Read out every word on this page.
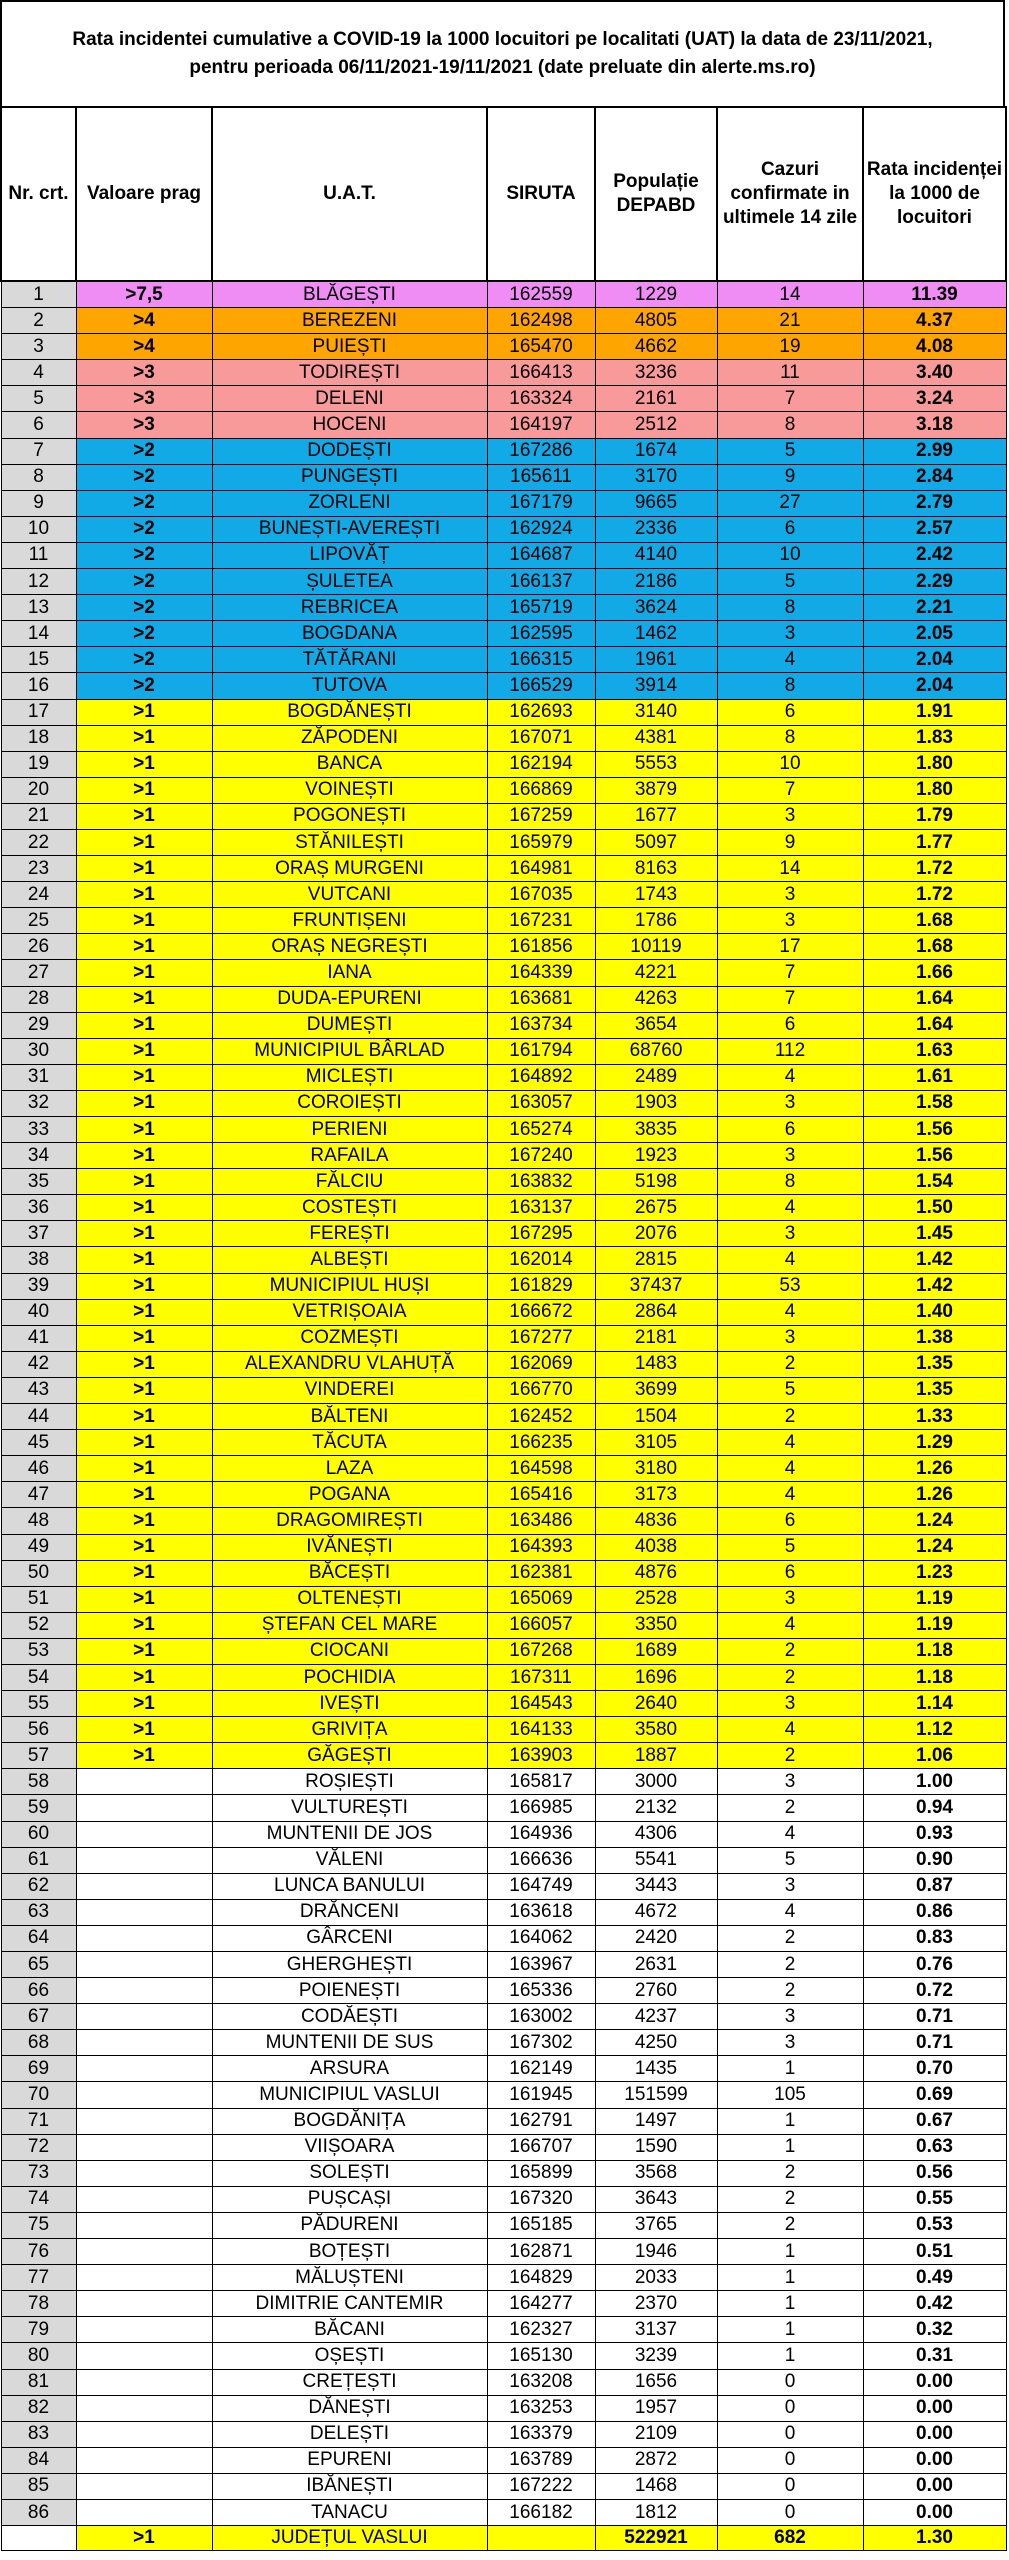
Rata incidentei cumulative a COVID-19 la 1000 locuitori pe localitati (UAT) la data de 23/11/2021,
pentru perioada 06/11/2021-19/11/2021 (date preluate din alerte.ms.ro)
Nr. crt.	Valoare prag	U.A.T.	SIRUTA	Populație DEPABD	Cazuri confirmate in ultimele 14 zile	Rata incidenței la 1000 de locuitori
1	>7,5	BLĂGEȘTI	162559	1229	14	11.39
2	>4	BEREZENI	162498	4805	21	4.37
3	>4	PUIEȘTI	165470	4662	19	4.08
4	>3	TODIREȘTI	166413	3236	11	3.40
5	>3	DELENI	163324	2161	7	3.24
6	>3	HOCENI	164197	2512	8	3.18
7	>2	DODEȘTI	167286	1674	5	2.99
8	>2	PUNGEȘTI	165611	3170	9	2.84
9	>2	ZORLENI	167179	9665	27	2.79
10	>2	BUNEȘTI-AVEREȘTI	162924	2336	6	2.57
11	>2	LIPOVĂȚ	164687	4140	10	2.42
12	>2	ȘULETEA	166137	2186	5	2.29
13	>2	REBRICEA	165719	3624	8	2.21
14	>2	BOGDANA	162595	1462	3	2.05
15	>2	TĂTĂRANI	166315	1961	4	2.04
16	>2	TUTOVA	166529	3914	8	2.04
17	>1	BOGDĂNEȘTI	162693	3140	6	1.91
18	>1	ZĂPODENI	167071	4381	8	1.83
19	>1	BANCA	162194	5553	10	1.80
20	>1	VOINEȘTI	166869	3879	7	1.80
21	>1	POGONEȘTI	167259	1677	3	1.79
22	>1	STĂNILEȘTI	165979	5097	9	1.77
23	>1	ORAȘ MURGENI	164981	8163	14	1.72
24	>1	VUTCANI	167035	1743	3	1.72
25	>1	FRUNTIȘENI	167231	1786	3	1.68
26	>1	ORAȘ NEGREȘTI	161856	10119	17	1.68
27	>1	IANA	164339	4221	7	1.66
28	>1	DUDA-EPURENI	163681	4263	7	1.64
29	>1	DUMEȘTI	163734	3654	6	1.64
30	>1	MUNICIPIUL BÂRLAD	161794	68760	112	1.63
31	>1	MICLEȘTI	164892	2489	4	1.61
32	>1	COROIEȘTI	163057	1903	3	1.58
33	>1	PERIENI	165274	3835	6	1.56
34	>1	RAFAILA	167240	1923	3	1.56
35	>1	FĂLCIU	163832	5198	8	1.54
36	>1	COSTEȘTI	163137	2675	4	1.50
37	>1	FEREȘTI	167295	2076	3	1.45
38	>1	ALBEȘTI	162014	2815	4	1.42
39	>1	MUNICIPIUL HUȘI	161829	37437	53	1.42
40	>1	VETRIȘOAIA	166672	2864	4	1.40
41	>1	COZMEȘTI	167277	2181	3	1.38
42	>1	ALEXANDRU VLAHUȚĂ	162069	1483	2	1.35
43	>1	VINDEREI	166770	3699	5	1.35
44	>1	BĂLTENI	162452	1504	2	1.33
45	>1	TĂCUTA	166235	3105	4	1.29
46	>1	LAZA	164598	3180	4	1.26
47	>1	POGANA	165416	3173	4	1.26
48	>1	DRAGOMIREȘTI	163486	4836	6	1.24
49	>1	IVĂNEȘTI	164393	4038	5	1.24
50	>1	BĂCEȘTI	162381	4876	6	1.23
51	>1	OLTENEȘTI	165069	2528	3	1.19
52	>1	ȘTEFAN CEL MARE	166057	3350	4	1.19
53	>1	CIOCANI	167268	1689	2	1.18
54	>1	POCHIDIA	167311	1696	2	1.18
55	>1	IVEȘTI	164543	2640	3	1.14
56	>1	GRIVIȚA	164133	3580	4	1.12
57	>1	GĂGEȘTI	163903	1887	2	1.06
58		ROȘIEȘTI	165817	3000	3	1.00
59		VULTUREȘTI	166985	2132	2	0.94
60		MUNTENII DE JOS	164936	4306	4	0.93
61		VĂLENI	166636	5541	5	0.90
62		LUNCA BANULUI	164749	3443	3	0.87
63		DRĂNCENI	163618	4672	4	0.86
64		GÂRCENI	164062	2420	2	0.83
65		GHERGHEȘTI	163967	2631	2	0.76
66		POIENEȘTI	165336	2760	2	0.72
67		CODĂEȘTI	163002	4237	3	0.71
68		MUNTENII DE SUS	167302	4250	3	0.71
69		ARSURA	162149	1435	1	0.70
70		MUNICIPIUL VASLUI	161945	151599	105	0.69
71		BOGDĂNIȚA	162791	1497	1	0.67
72		VIIȘOARA	166707	1590	1	0.63
73		SOLEȘTI	165899	3568	2	0.56
74		PUȘCAȘI	167320	3643	2	0.55
75		PĂDURENI	165185	3765	2	0.53
76		BOȚEȘTI	162871	1946	1	0.51
77		MĂLUȘTENI	164829	2033	1	0.49
78		DIMITRIE CANTEMIR	164277	2370	1	0.42
79		BĂCANI	162327	3137	1	0.32
80		OȘEȘTI	165130	3239	1	0.31
81		CREȚEȘTI	163208	1656	0	0.00
82		DĂNEȘTI	163253	1957	0	0.00
83		DELEȘTI	163379	2109	0	0.00
84		EPURENI	163789	2872	0	0.00
85		IBĂNEȘTI	167222	1468	0	0.00
86		TANACU	166182	1812	0	0.00
	>1	JUDEȚUL VASLUI		522921	682	1.30
